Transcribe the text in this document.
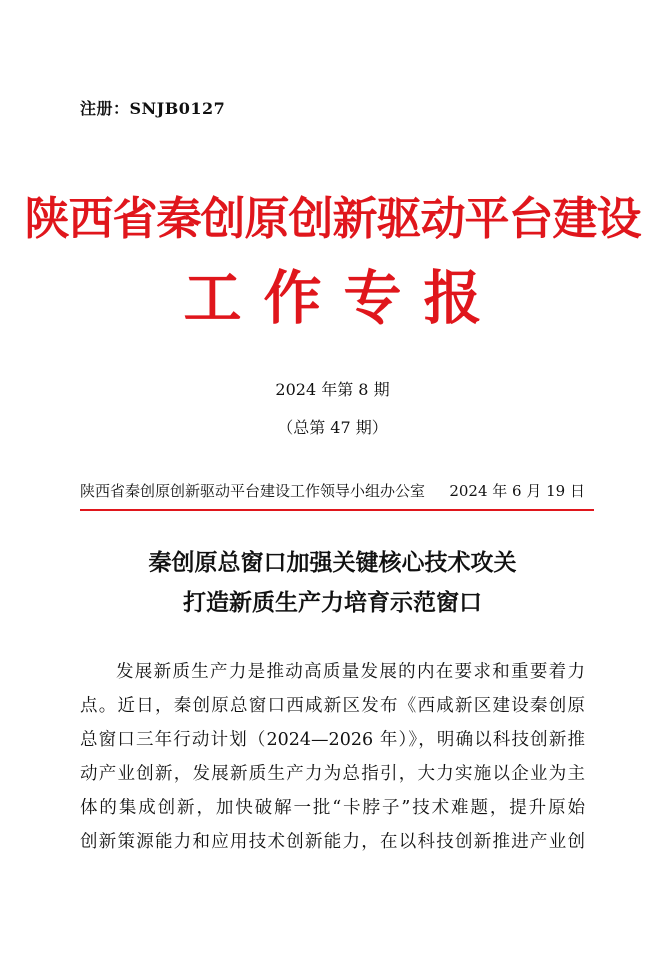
注册：SNJB0127
陕西省秦创原创新驱动平台建设
工作专报
2024 年第 8 期
（总第 47 期）
陕西省秦创原创新驱动平台建设工作领导小组办公室 2024 年 6 月 19 日
秦创原总窗口加强关键核心技术攻关
打造新质生产力培育示范窗口
发展新质生产力是推动高质量发展的内在要求和重要着力
点。近日，秦创原总窗口西咸新区发布《西咸新区建设秦创原
总窗口三年行动计划（2024—2026 年）》，明确以科技创新推
动产业创新，发展新质生产力为总指引，大力实施以企业为主
体的集成创新，加快破解一批“卡脖子”技术难题，提升原始
创新策源能力和应用技术创新能力，在以科技创新推进产业创
